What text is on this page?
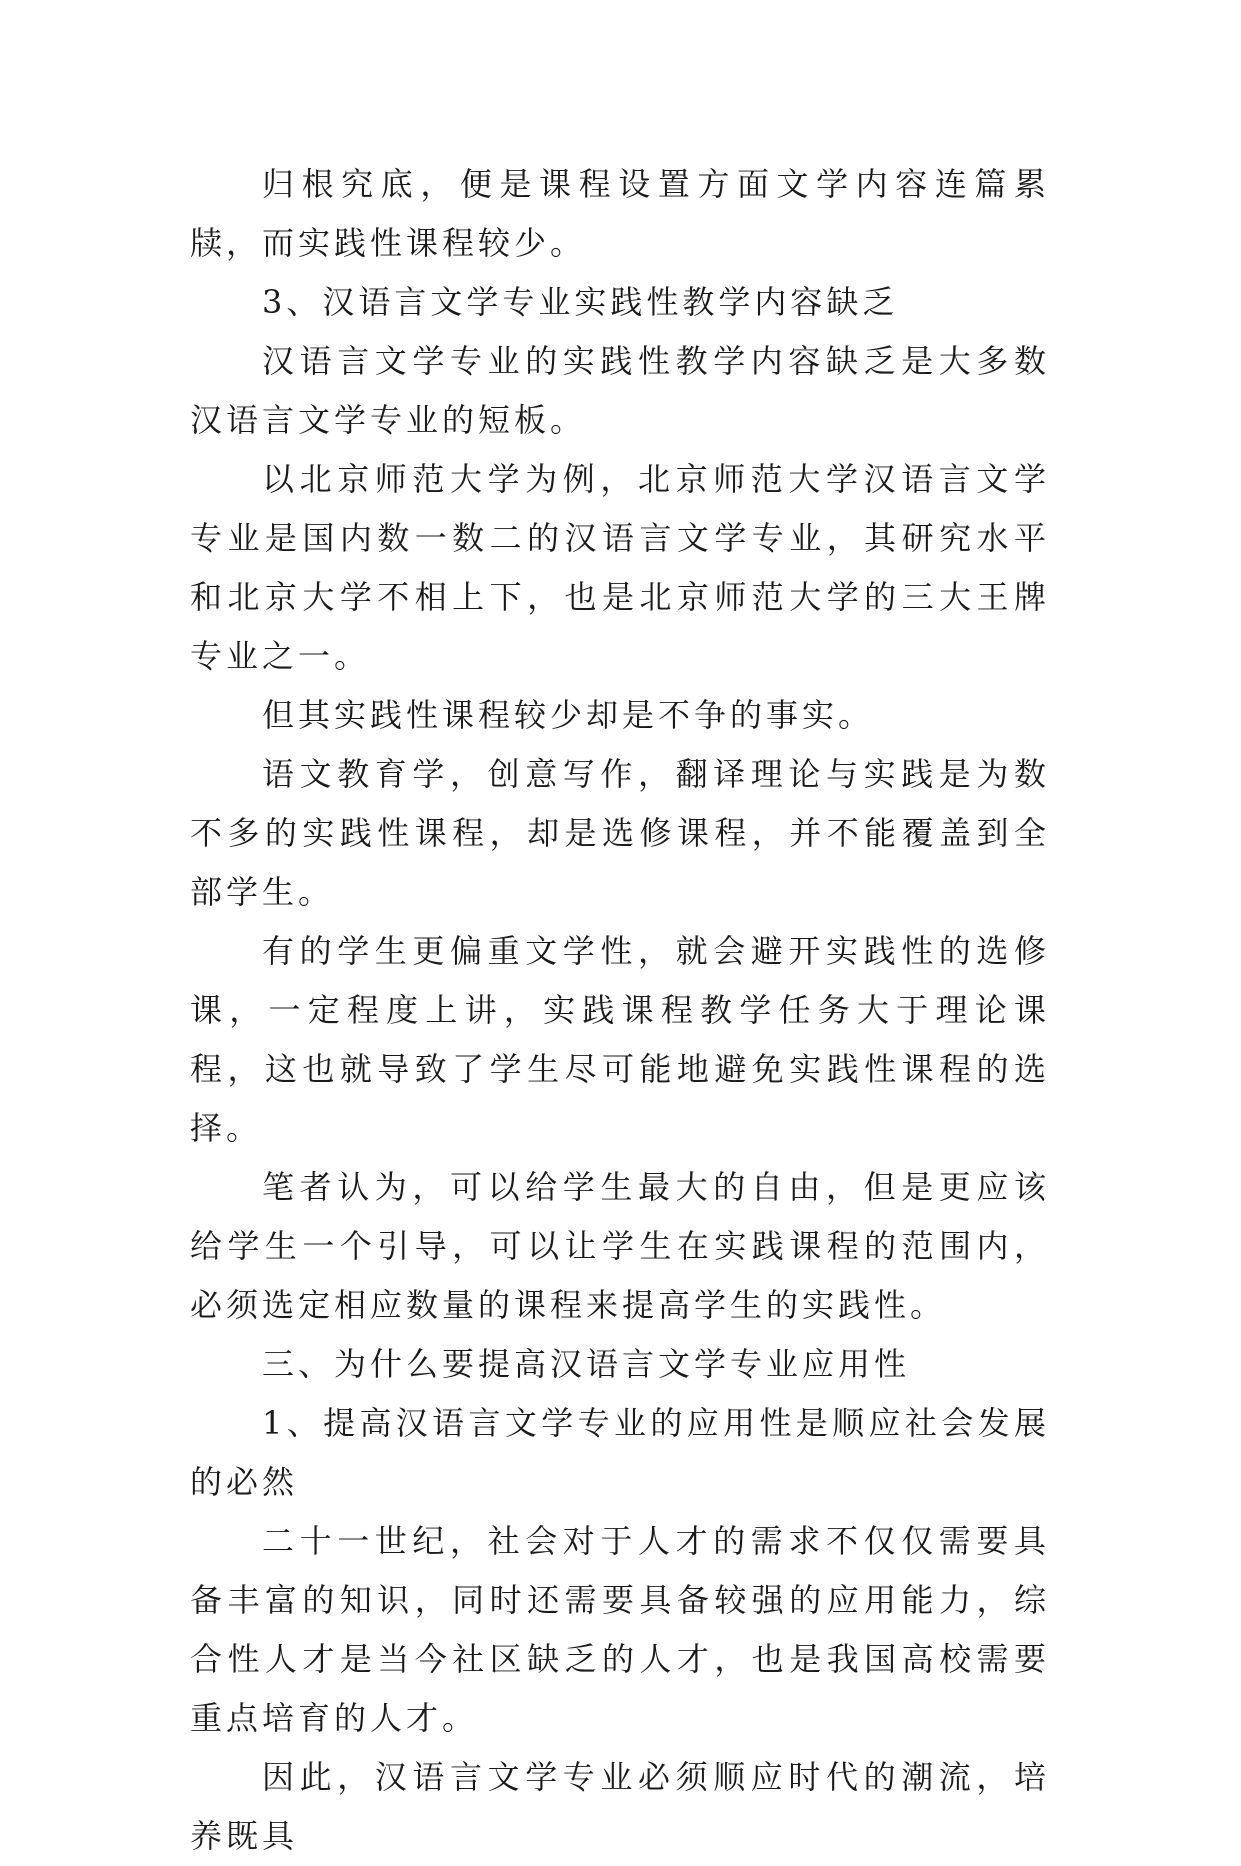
归根究底，便是课程设置方面文学内容连篇累牍，而实践性课程较少。

3、汉语言文学专业实践性教学内容缺乏

汉语言文学专业的实践性教学内容缺乏是大多数汉语言文学专业的短板。

以北京师范大学为例，北京师范大学汉语言文学专业是国内数一数二的汉语言文学专业，其研究水平和北京大学不相上下，也是北京师范大学的三大王牌专业之一。

但其实践性课程较少却是不争的事实。

语文教育学，创意写作，翻译理论与实践是为数不多的实践性课程，却是选修课程，并不能覆盖到全部学生。

有的学生更偏重文学性，就会避开实践性的选修课，一定程度上讲，实践课程教学任务大于理论课程，这也就导致了学生尽可能地避免实践性课程的选择。

笔者认为，可以给学生最大的自由，但是更应该给学生一个引导，可以让学生在实践课程的范围内，必须选定相应数量的课程来提高学生的实践性。

三、为什么要提高汉语言文学专业应用性

1、提高汉语言文学专业的应用性是顺应社会发展的必然

二十一世纪，社会对于人才的需求不仅仅需要具备丰富的知识，同时还需要具备较强的应用能力，综合性人才是当今社区缺乏的人才，也是我国高校需要重点培育的人才。

因此，汉语言文学专业必须顺应时代的潮流，培养既具
